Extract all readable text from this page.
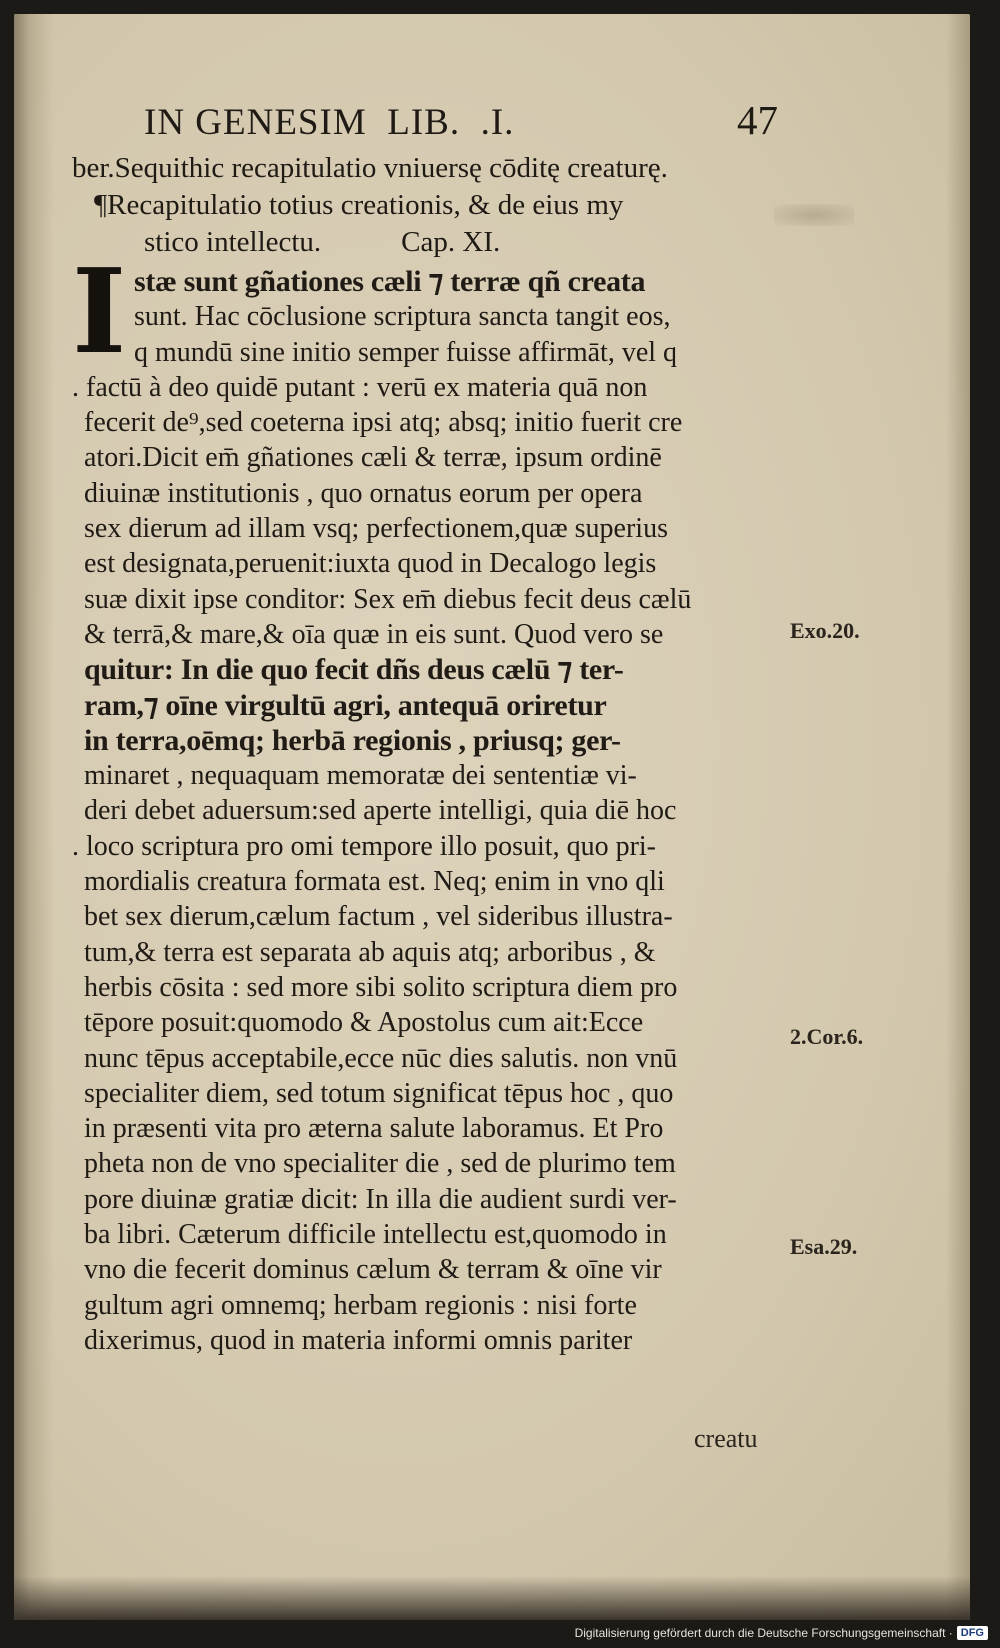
IN GENESIM  LIB.  .I.	47
ber.Sequithic recapitulatio vniuersę cōditę creaturę.
¶Recapitulatio totius creationis, & de eius my
stico intellectu.	Cap. XI.
I stæ sunt gñationes cæli ⁊ terræ qñ creata
sunt. Hac cōclusione scriptura sancta tangit eos,
q mundū sine initio semper fuisse affirmāt, vel q
. factū à deo quidē putant : verū ex materia quā non
fecerit de⁹,sed coeterna ipsi atq; absq; initio fuerit cre
atori.Dicit em̄ gñationes cæli & terræ, ipsum ordinē
diuinæ institutionis , quo ornatus eorum per opera
sex dierum ad illam vsq; perfectionem,quæ superius
est designata,peruenit:iuxta quod in Decalogo legis
suæ dixit ipse conditor: Sex em̄ diebus fecit deus cælū
& terrā,& mare,& oīa quæ in eis sunt. Quod vero se
quitur: In die quo fecit dñs deus cælū ⁊ ter-
ram,⁊ oīne virgultū agri, antequā oriretur
in terra,oēmq; herbā regionis , priusq; ger-
minaret , nequaquam memoratæ dei sententiæ vi-
deri debet aduersum:sed aperte intelligi, quia diē hoc
. loco scriptura pro omi tempore illo posuit, quo pri-
mordialis creatura formata est. Neq; enim in vno qli
bet sex dierum,cælum factum , vel sideribus illustra-
tum,& terra est separata ab aquis atq; arboribus , &
herbis cōsita : sed more sibi solito scriptura diem pro
tēpore posuit:quomodo & Apostolus cum ait:Ecce
nunc tēpus acceptabile,ecce nūc dies salutis. non vnū
specialiter diem, sed totum significat tēpus hoc , quo
in præsenti vita pro æterna salute laboramus. Et Pro
pheta non de vno specialiter die , sed de plurimo tem
pore diuinæ gratiæ dicit: In illa die audient surdi ver-
ba libri. Cæterum difficile intellectu est,quomodo in
vno die fecerit dominus cælum & terram & oīne vir
gultum agri omnemq; herbam regionis : nisi forte
dixerimus, quod in materia informi omnis pariter
creatu
Exo.20.
2.Cor.6.
Esa.29.
Digitalisierung gefördert durch die Deutsche Forschungsgemeinschaft · DFG
